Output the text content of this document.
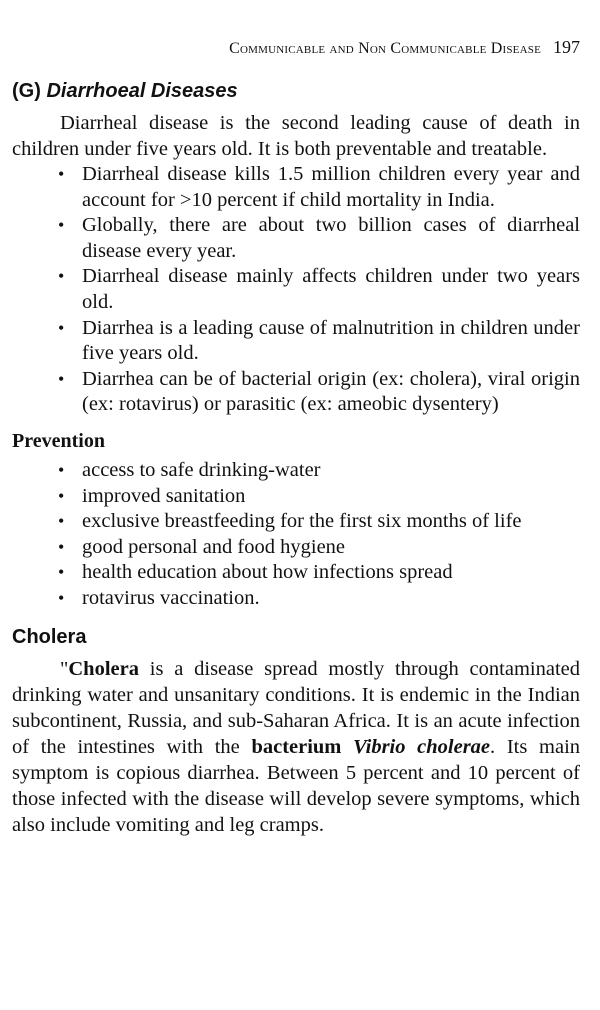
Communicable and Non Communicable Disease 197
(G) Diarrhoeal Diseases

Diarrheal disease is the second leading cause of death in children under five years old. It is both preventable and treatable.

• Diarrheal disease kills 1.5 million children every year and account for >10 percent if child mortality in India.
• Globally, there are about two billion cases of diarrheal disease every year.
• Diarrheal disease mainly affects children under two years old.
• Diarrhea is a leading cause of malnutrition in children under five years old.
• Diarrhea can be of bacterial origin (ex: cholera), viral origin (ex: rotavirus) or parasitic (ex: ameobic dysentery)
Prevention
• access to safe drinking-water
• improved sanitation
• exclusive breastfeeding for the first six months of life
• good personal and food hygiene
• health education about how infections spread
• rotavirus vaccination.
Cholera

"Cholera is a disease spread mostly through contaminated drinking water and unsanitary conditions. It is endemic in the Indian subcontinent, Russia, and sub-Saharan Africa. It is an acute infection of the intestines with the bacterium Vibrio cholerae. Its main symptom is copious diarrhea. Between 5 percent and 10 percent of those infected with the disease will develop severe symptoms, which also include vomiting and leg cramps.
